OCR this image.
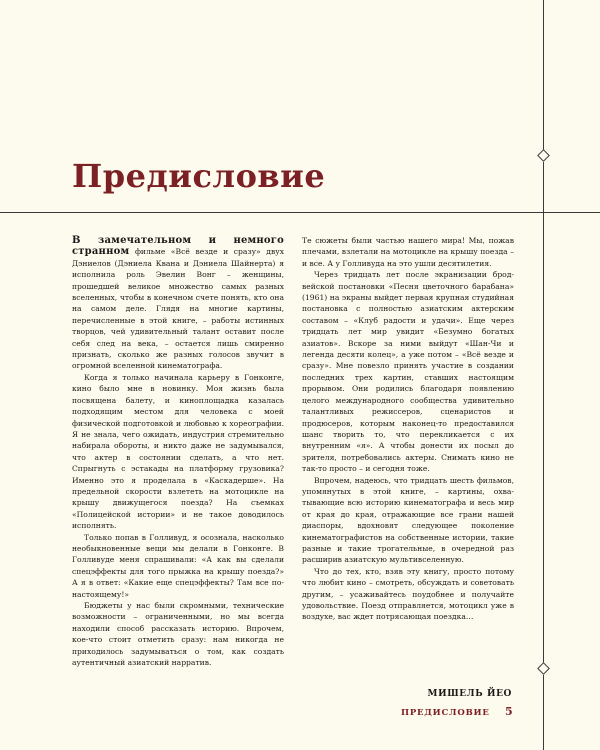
Предисловие

В замечательном и немного странном фильме «Всё везде и сразу» двух Дэниелов (Дэниела Квана и Дэниела Шайнерта) я исполнила роль Эвелин Вонг – женщины, прошедшей великое множество самых разных вселенных, чтобы в конечном счете понять, кто она на самом деле. Глядя на многие картины, перечисленные в этой книге, – работы истинных творцов, чей удивительный талант оставит после себя след на века, – остается лишь смиренно признать, сколько же разных голосов звучит в огромной вселенной кинематографа.

Когда я только начинала карьеру в Гонконге, кино было мне в новинку. Моя жизнь была посвящена балету, и киноплощадка казалась подходящим местом для человека с моей физической подготовкой и любовью к хореографии. Я не знала, чего ожидать, индустрия стремительно набирала обороты, и никто даже не задумывался, что актер в состоянии сделать, а что нет. Спрыгнуть с эстакады на платформу грузовика? Именно это я проделала в «Каскадерше». На предельной скорости взлететь на мотоцикле на крышу движущегося поезда? На съемках «Полицейской истории» и не такое доводилось исполнять.

Только попав в Голливуд, я осознала, насколько необыкновенные вещи мы делали в Гонконге. В Голливуде меня спрашивали: «А как вы сделали спецэффекты для того прыжка на крышу поезда?» А я в ответ: «Какие еще спецэффекты? Там все по-настоящему!»

Бюджеты у нас были скромными, технические возможности – ограниченными, но мы всегда находили способ рассказать историю. Впрочем, кое-что стоит отметить сразу: нам никогда не приходилось задумываться о том, как создать аутентичный азиатский нарратив.

Те сюжеты были частью нашего мира! Мы, пожав плечами, взлетали на мотоцикле на крышу поезда – и все. А у Голливуда на это ушли десятилетия.

Через тридцать лет после экранизации бродвейской постановки «Песня цветочного барабана» (1961) на экраны выйдет первая крупная студийная постановка с полностью азиатским актерским составом – «Клуб радости и удачи». Еще через тридцать лет мир увидит «Безумно богатых азиатов». Вскоре за ними выйдут «Шан-Чи и легенда десяти колец», а уже потом – «Всё везде и сразу». Мне повезло принять участие в создании последних трех картин, ставших настоящим прорывом. Они родились благодаря появлению целого международного сообщества удивительно талантливых режиссеров, сценаристов и продюсеров, которым наконец-то предоставился шанс творить то, что перекликается с их внутренним «я». А чтобы донести их посыл до зрителя, потребовались актеры. Снимать кино не так-то просто – и сегодня тоже.

Впрочем, надеюсь, что тридцать шесть фильмов, упомянутых в этой книге, – картины, охватывающие всю историю кинематографа и весь мир от края до края, отражающие все грани нашей диаспоры, вдохновят следующее поколение кинематографистов на собственные истории, такие разные и такие трогательные, в очередной раз расширив азиатскую мультивселенную.

Что до тех, кто, взяв эту книгу, просто потому что любит кино – смотреть, обсуждать и советовать другим, – усаживайтесь поудобнее и получайте удовольствие. Поезд отправляется, мотоцикл уже в воздухе, вас ждет потрясающая поездка…

МИШЕЛЬ ЙЕО
ПРЕДИСЛОВИЕ 5
